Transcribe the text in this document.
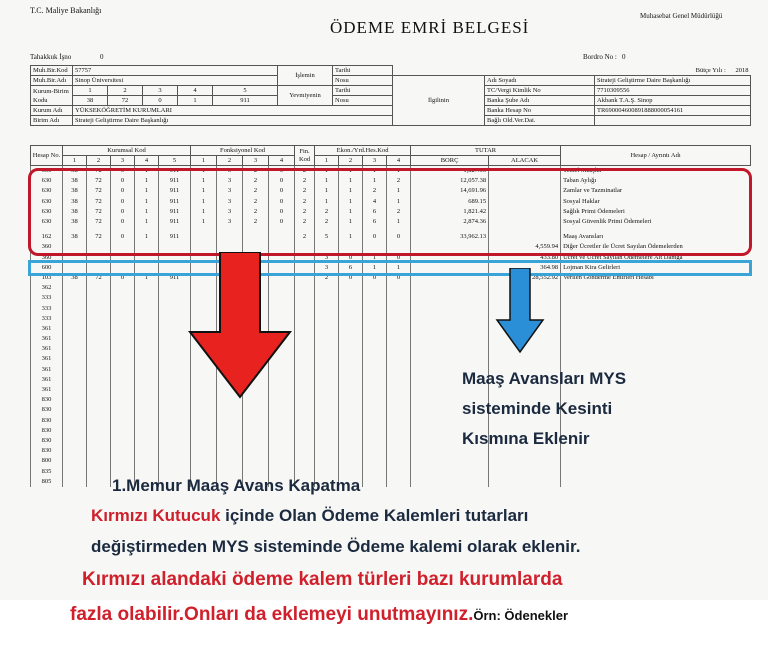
T.C. Maliye Bakanlığı
ÖDEME EMRİ BELGESİ
Muhasebat Genel Müdürlüğü
Tahakkuk İşno	0	Bordro No : 0
Muh.Bir.Kod	57757					İşlemin	Tarihi			Bütçe Yılı : 2018
Muh.Bir.Adı	Sinop Üniversitesi						Nosu	İlgilinin	Adı Soyadı	Strateji Geliştirme Daire Başkanlığı
Kurum-Birim Kodu	1	2	3	4	5	Yevmiyenin	Tarihi		TC/Vergi Kimlik No	7710309556
	38	72	0	1	911		Nosu		Banka Şube Adı	Akbank T.A.Ş. Sinop
Kurum Adı	YÜKSEKÖĞRETİM KURUMLARI								Banka Hesap No	TR690004600891888000054161
Birim Adı	Strateji Geliştirme Daire Başkanlığı								Bağlı Old.Ver.Dai.	
Hesap No.	Kurumsal Kod					Fonksiyonel Kod				Fin. Kod	Ekon./Yrd.Hes.Kod				TUTAR		Hesap / Ayrıntı Adı
	1	2	3	4	5	1	2	3	4		1	2	3	4	BORÇ	ALACAK	
630	38	72	0	1	911	1	3	2	0	2	1	1	1	1	1,827.90		Temel Maaşlar
630	38	72	0	1	911	1	3	2	0	2	1	1	1	2	12,057.38		Taban Aylığı
630	38	72	0	1	911	1	3	2	0	2	1	1	2	1	14,691.96		Zamlar ve Tazminatlar
630	38	72	0	1	911	1	3	2	0	2	1	1	4	1	689.15		Sosyal Haklar
630	38	72	0	1	911	1	3	2	0	2	2	1	6	2	1,821.42		Sağlık Primi Ödemeleri
630	38	72	0	1	911	1	3	2	0	2	2	1	6	1	2,874.36		Sosyal Güvenlik Primi Ödemeleri

162	38	72	0	1	911					2	5	1	0	0	33,962.13		Maaş Avansları
360																4,559.94	Diğer Ücretler ile Ücret Sayılan Ödemelerden
360											3	0	1	0		433.80	Ücret ve Ücret Sayılan Ödemelere Ait Damga
600											3	6	1	1		364.98	Lojman Kira Gelirleri
103	38	72	0	1	911						2	0	0	0		28,552.92	Verilen Gönderme Emirleri Hesabı
362																	
333																	
333																	
333																	
361																	
361																	
361																	
361																	
361																	
361																	
361																	
830																	
830																	
830																	
830																	
830																	
830																	
800																	
835																	
805																	
Maaş Avansları MYS
sisteminde Kesinti
Kısmına Eklenir
1.Memur Maaş Avans Kapatma
Kırmızı Kutucuk içinde Olan Ödeme Kalemleri tutarları
değiştirmeden MYS sisteminde Ödeme kalemi olarak eklenir.
Kırmızı alandaki ödeme kalem türleri bazı kurumlarda
fazla olabilir.Onları da eklemeyi unutmayınız.Örn: Ödenekler
